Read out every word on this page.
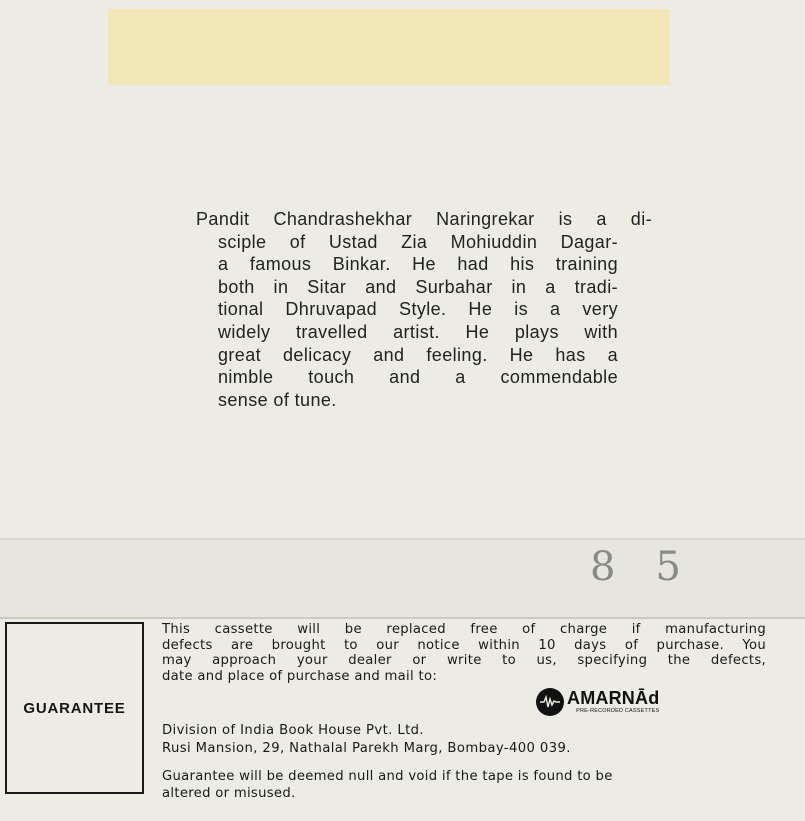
Pandit Chandrashekhar Naringrekar is a di-
sciple of Ustad Zia Mohiuddin Dagar-
a famous Binkar. He had his training
both in Sitar and Surbahar in a tradi-
tional Dhruvapad Style. He is a very
widely travelled artist. He plays with
great delicacy and feeling. He has a
nimble touch and a commendable
sense of tune.
8 5
GUARANTEE
This cassette will be replaced free of charge if manufacturing
defects are brought to our notice within 10 days of purchase. You
may approach your dealer or write to us, specifying the defects,
date and place of purchase and mail to:
AMARNĀd
PRE-RECORDED CASSETTES
Division of India Book House Pvt. Ltd.
Rusi Mansion, 29, Nathalal Parekh Marg, Bombay-400 039.
Guarantee will be deemed null and void if the tape is found to be
altered or misused.
